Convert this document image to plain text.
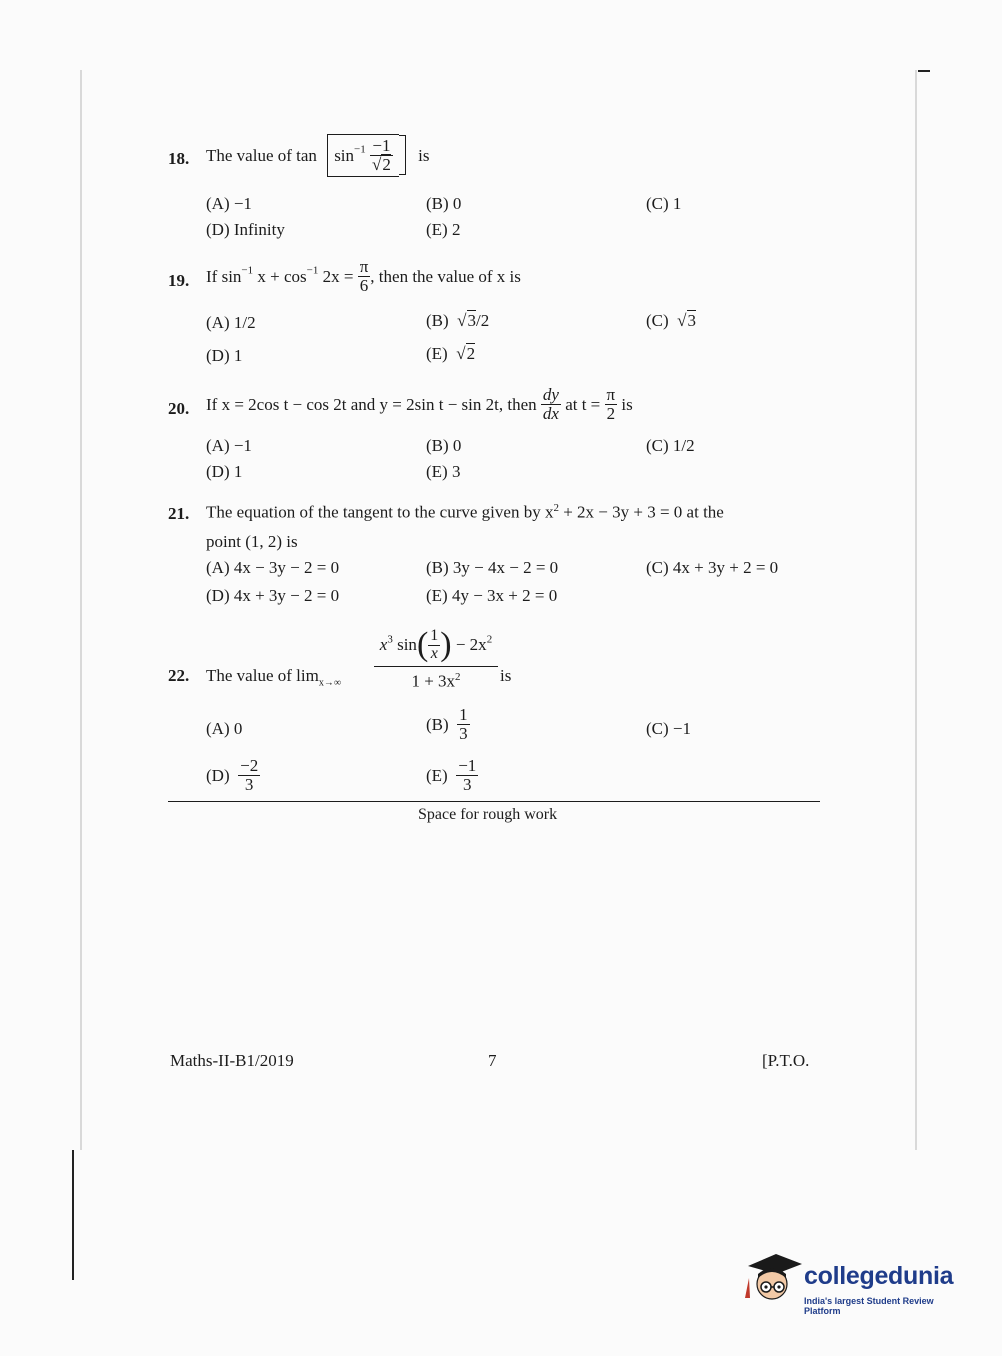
18. The value of $\tan \sin^{-1} \frac{-1}{√2}$ is
(A) −1	(B) 0	(C) 1
(D) Infinity	(E) 2
19. If $\sin^{-1} x + \cos^{-1} 2x = \frac{\pi}{6}$ , then the value of x is
(A) 1/2	(B)  √3/2	(C)  √3
(D) 1	(E)  √2
20. If x = 2cos t − cos 2t and y = 2sin t − sin 2t, then $\frac{dy}{dx}$ at $t = \frac{\pi}{2}$ is
(A) −1	(B) 0	(C) 1/2
(D) 1	(E) 3
21. The equation of the tangent to the curve given by $x^2 + 2x - 3y + 3 = 0$ at the
point (1, 2) is
(A) 4x − 3y − 2 = 0	(B) 3y − 4x − 2 = 0	(C) 4x + 3y + 2 = 0
(D) 4x + 3y − 2 = 0	(E) 4y − 3x + 2 = 0
22. The value of $\lim_{x\to\infty} \frac{x^3 \sin( \frac{1}{x} ) - 2x^2}{1 + 3x^2}$ is
(A) 0	$(B) \frac{1}{3}$	(C) −1
$(D) \frac{-2}{3}$	$(E) \frac{-1}{3}$
Space for rough work
Maths-II-B1/2019	7	[P.T.O.
collegedunia
India's largest Student Review Platform
